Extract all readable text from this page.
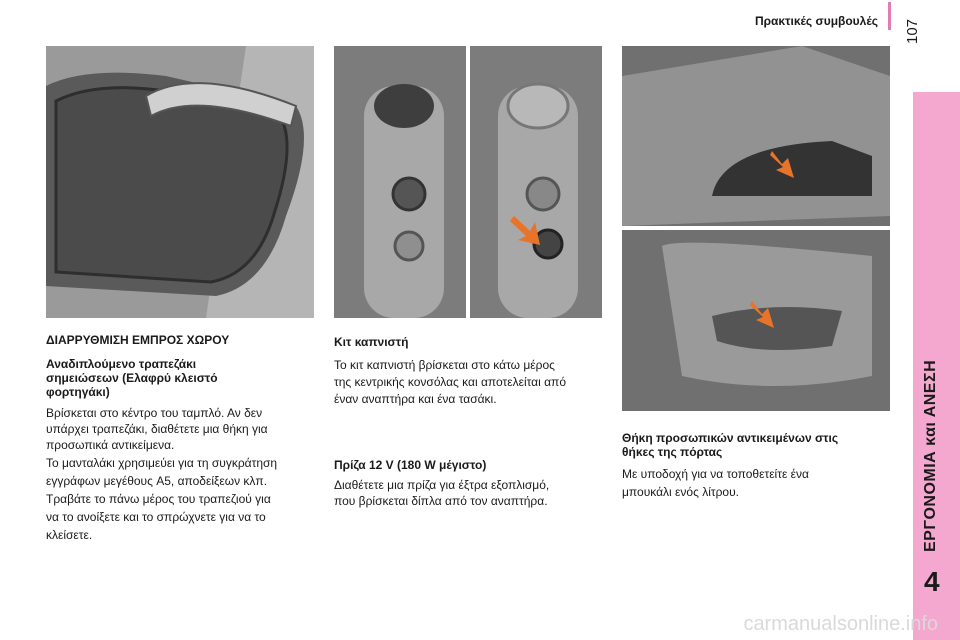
Πρακτικές συμβουλές 107
ΕΡΓΟΝΟΜΙΑ και ΑΝΕΣΗ
4
ΔΙΑΡΡΥΘΜΙΣΗ ΕΜΠΡΟΣ ΧΩΡΟΥ
Αναδιπλούμενο τραπεζάκι
σημειώσεων (Ελαφρύ κλειστό
φορτηγάκι)
Βρίσκεται στο κέντρο του ταμπλό. Αν δεν
υπάρχει τραπεζάκι, διαθέτετε μια θήκη για
προσωπικά αντικείμενα.
Το μανταλάκι χρησιμεύει για τη συγκράτηση
εγγράφων μεγέθους A5, αποδείξεων κλπ.
Τραβάτε το πάνω μέρος του τραπεζιού για
να το ανοίξετε και το σπρώχνετε για να το
κλείσετε.
Κιτ καπνιστή
Το κιτ καπνιστή βρίσκεται στο κάτω μέρος
της κεντρικής κονσόλας και αποτελείται από
έναν αναπτήρα και ένα τασάκι.
Πρίζα 12 V (180 W μέγιστο)
Διαθέτετε μια πρίζα για έξτρα εξοπλισμό,
που βρίσκεται δίπλα από τον αναπτήρα.
Θήκη προσωπικών αντικειμένων στις
θήκες της πόρτας
Με υποδοχή για να τοποθετείτε ένα
μπουκάλι ενός λίτρου.
carmanualsonline.info
